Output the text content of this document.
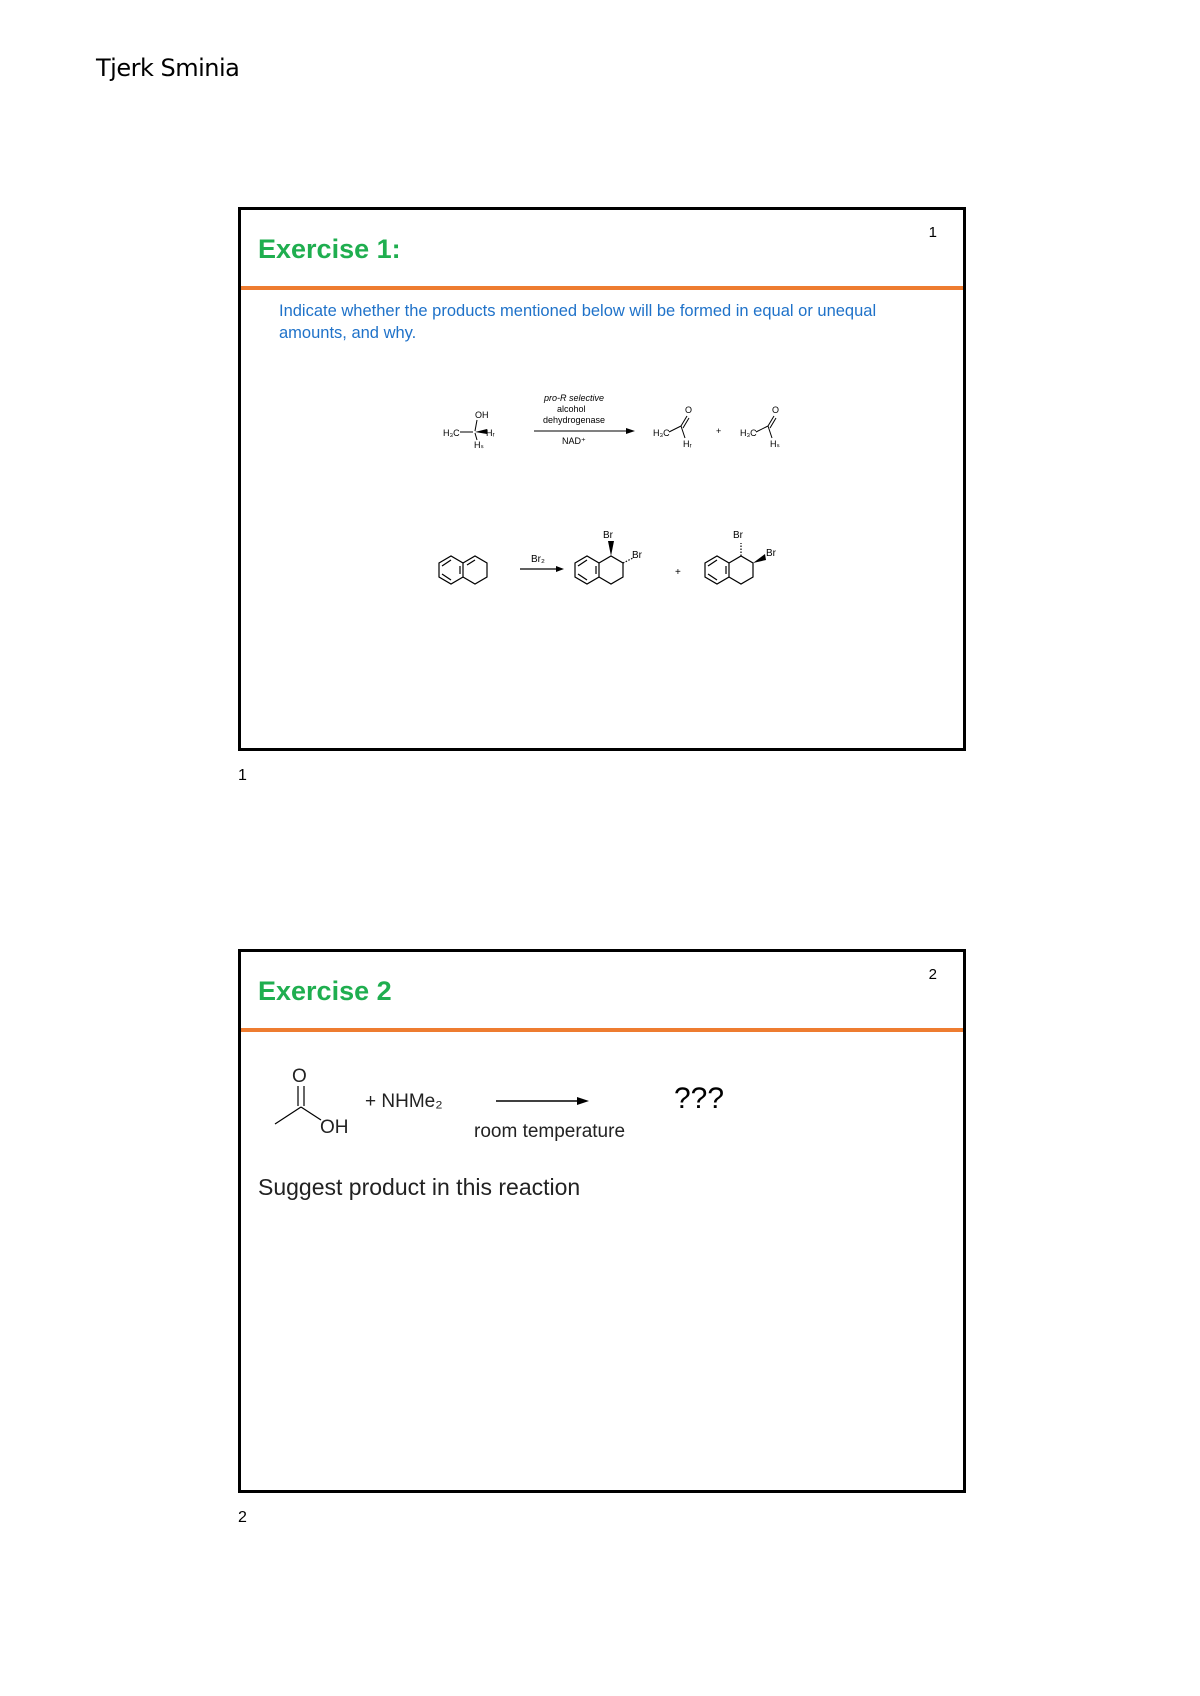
Tjerk Sminia
Exercise 1:
1
Indicate whether the products mentioned below will be formed in equal or unequal amounts, and why.
H₃C
OH
Hᵣ
Hₛ
pro-R selective
alcohol
dehydrogenase
NAD⁺
H₃C
O
Hᵣ
+ H₃C
O
Hₛ
Br₂
Br
Br
+
Br
Br
1
Exercise 2
2
O
OH
+ NHMe₂
room temperature
???
Suggest product in this reaction
2
